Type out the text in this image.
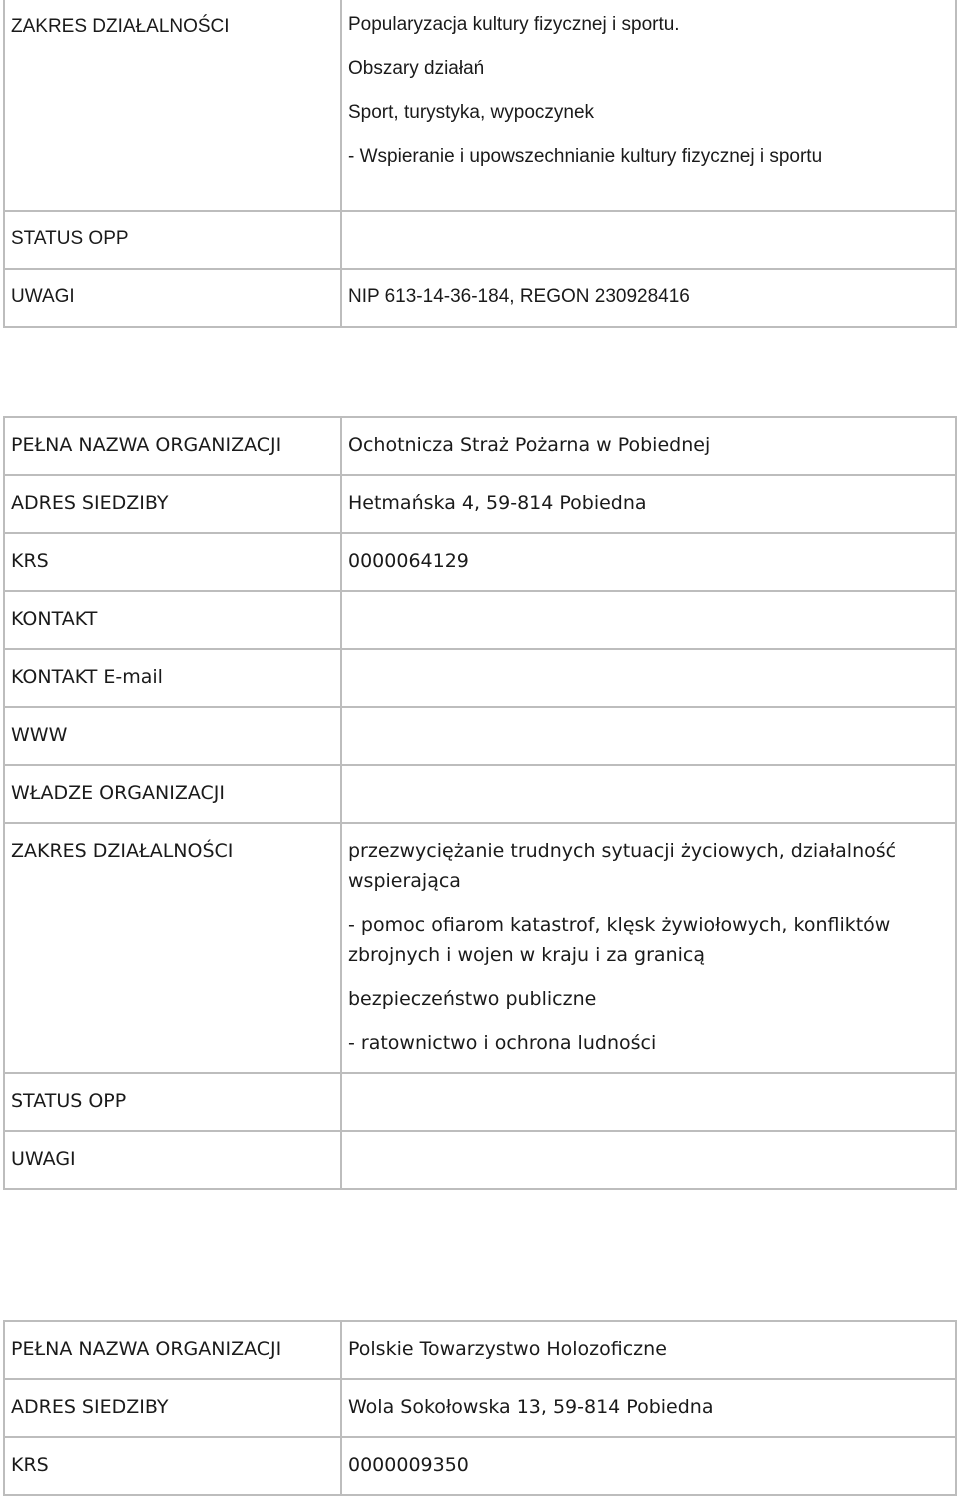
ZAKRES DZIAŁALNOŚCI	Popularyzacja kultury fizycznej i sportu.
Obszary działań
Sport, turystyka, wypoczynek
- Wspieranie i upowszechnianie kultury fizycznej i sportu

STATUS OPP	
UWAGI	NIP 613-14-36-184, REGON 230928416
PEŁNA NAZWA ORGANIZACJI	Ochotnicza Straż Pożarna w Pobiednej
ADRES SIEDZIBY	Hetmańska 4, 59-814 Pobiedna
KRS	0000064129
KONTAKT	
KONTAKT E-mail	
WWW	
WŁADZE ORGANIZACJI	
ZAKRES DZIAŁALNOŚCI	przezwyciężanie trudnych sytuacji życiowych, działalność wspierająca
- pomoc ofiarom katastrof, klęsk żywiołowych, konfliktów zbrojnych i wojen w kraju i za granicą
bezpieczeństwo publiczne
- ratownictwo i ochrona ludności

STATUS OPP	
UWAGI	
PEŁNA NAZWA ORGANIZACJI	Polskie Towarzystwo Holozoficzne
ADRES SIEDZIBY	Wola Sokołowska 13, 59-814 Pobiedna
KRS	0000009350
